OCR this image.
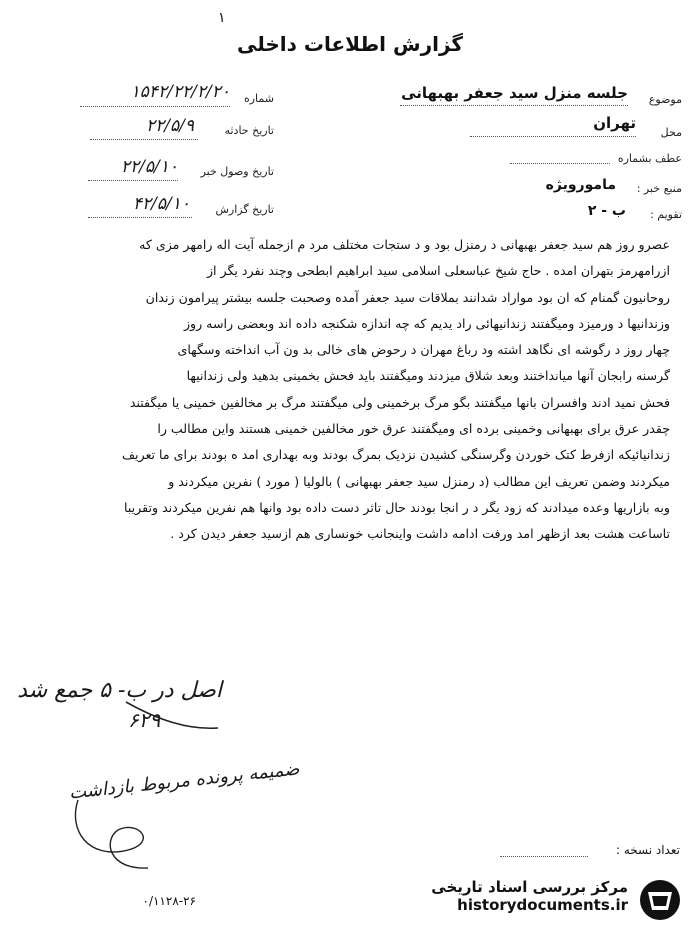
۱
گزارش اطلاعات داخلی
شماره
۱۵۴۲/۲۲/۲/۲۰
تاریخ حادثه
۲۲/۵/۹
تاریخ وصول خبر
۲۲/۵/۱۰
تاریخ گزارش
۴۲/۵/۱۰
موضوع
جلسه منزل سید جعفر بهبهانی
محل
تهران
عطف بشماره
منبع خبر :
مامورویژه
تقویم :
ب - ۲

عصرو روز هم سید جعفر بهبهانی د رمنزل بود و د ستجات مختلف مرد م ازجمله آیت اله رامهر مزی که

ازرامهرمز بتهران امده . حاج شیخ عباسعلی اسلامی سید ابراهیم ابطحی وچند نفرد یگر از

روحانیون گمنام که ان بود مواراد شدانند بملاقات سید جعفر آمده وصحبت جلسه بیشتر پیرامون زندان

وزندانیها د ورمیزد ومیگفتند زندانیهائی راد یدیم که چه اندازه شکنجه داده اند وبعضی راسه روز

چهار روز د رگوشه ای نگاهد اشته ود رباغ مهران د رحوض های خالی بد ون آب انداخته وسگهای

گرسنه رابجان آنها میانداختند وبعد شلاق میزدند ومیگفتند باید فحش بخمینی بدهید ولی زندانیها

فحش نمید ادند وافسران بانها میگفتند بگو مرگ برخمینی ولی میگفتند مرگ بر مخالفین خمینی یا میگفتند

چقدر عرق برای بهبهانی وخمینی برده ای ومیگفتند عرق خور مخالفین خمینی هستند واین مطالب را

زندانیائیکه ازفرط کتک خوردن وگرسنگی کشیدن نزدیک بمرگ بودند وبه بهداری امد ه بودند برای ما تعریف

میکردند وضمن تعریف این مطالب (د رمنزل سید جعفر بهبهانی ) بالولیا ( مورد ) نفرین میکردند و

وبه بازاریها وعده میدادند که زود یگر د ر انجا بودند حال تاثر دست داده بود وانها هم نفرین میکردند وتقریبا

تاساعت هشت بعد ازظهر امد ورفت ادامه داشت واینجانب خونساری هم ازسید جعفر دیدن کرد .

اصل در ب- ۵ جمع شد
۶۲۹
ضمیمه پرونده مربوط بازداشت
تعداد نسخه :
۰/۱۱۲۸-۲۶
مرکز بررسی اسناد تاریخی
historydocuments.ir
